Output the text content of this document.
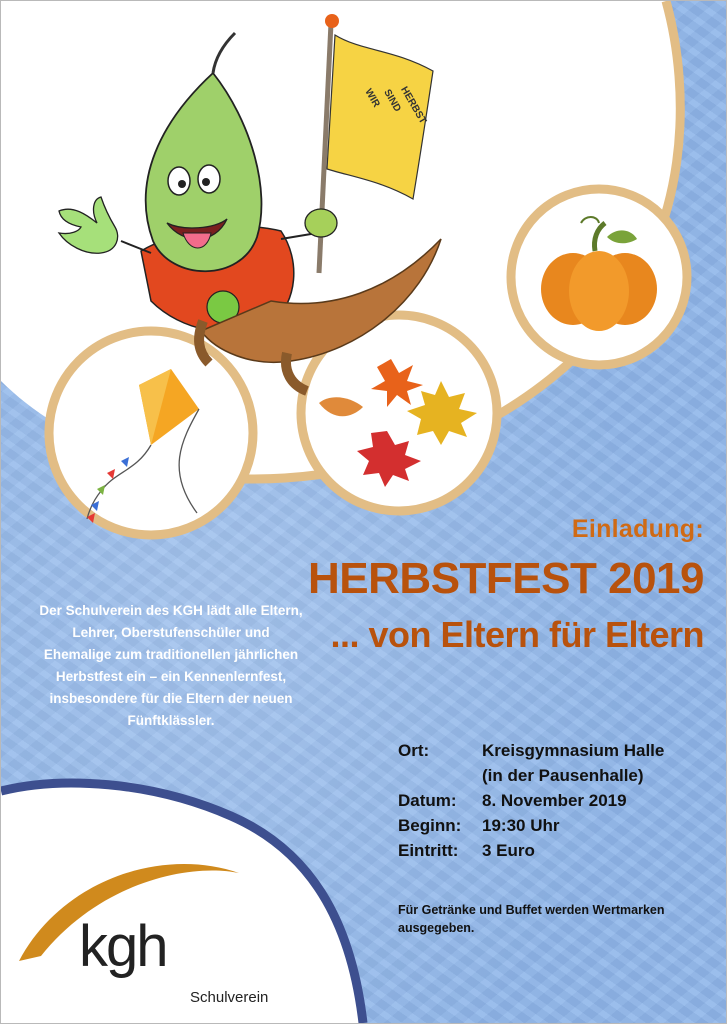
WIR SIND
HERBST

Einladung:

HERBSTFEST 2019

... von Eltern für Eltern

Der Schulverein des KGH lädt alle Eltern, Lehrer, Oberstufenschüler und Ehemalige zum traditionellen jährlichen Herbstfest ein – ein Kennenlernfest, insbesondere für die Eltern der neuen Fünftklässler.

Ort:	Kreisgymnasium Halle
(in der Pausenhalle)
Datum:	8. November 2019
Beginn:	19:30 Uhr
Eintritt:	3 Euro

Für Getränke und Buffet werden Wertmarken ausgegeben.

kgh

Schulverein
